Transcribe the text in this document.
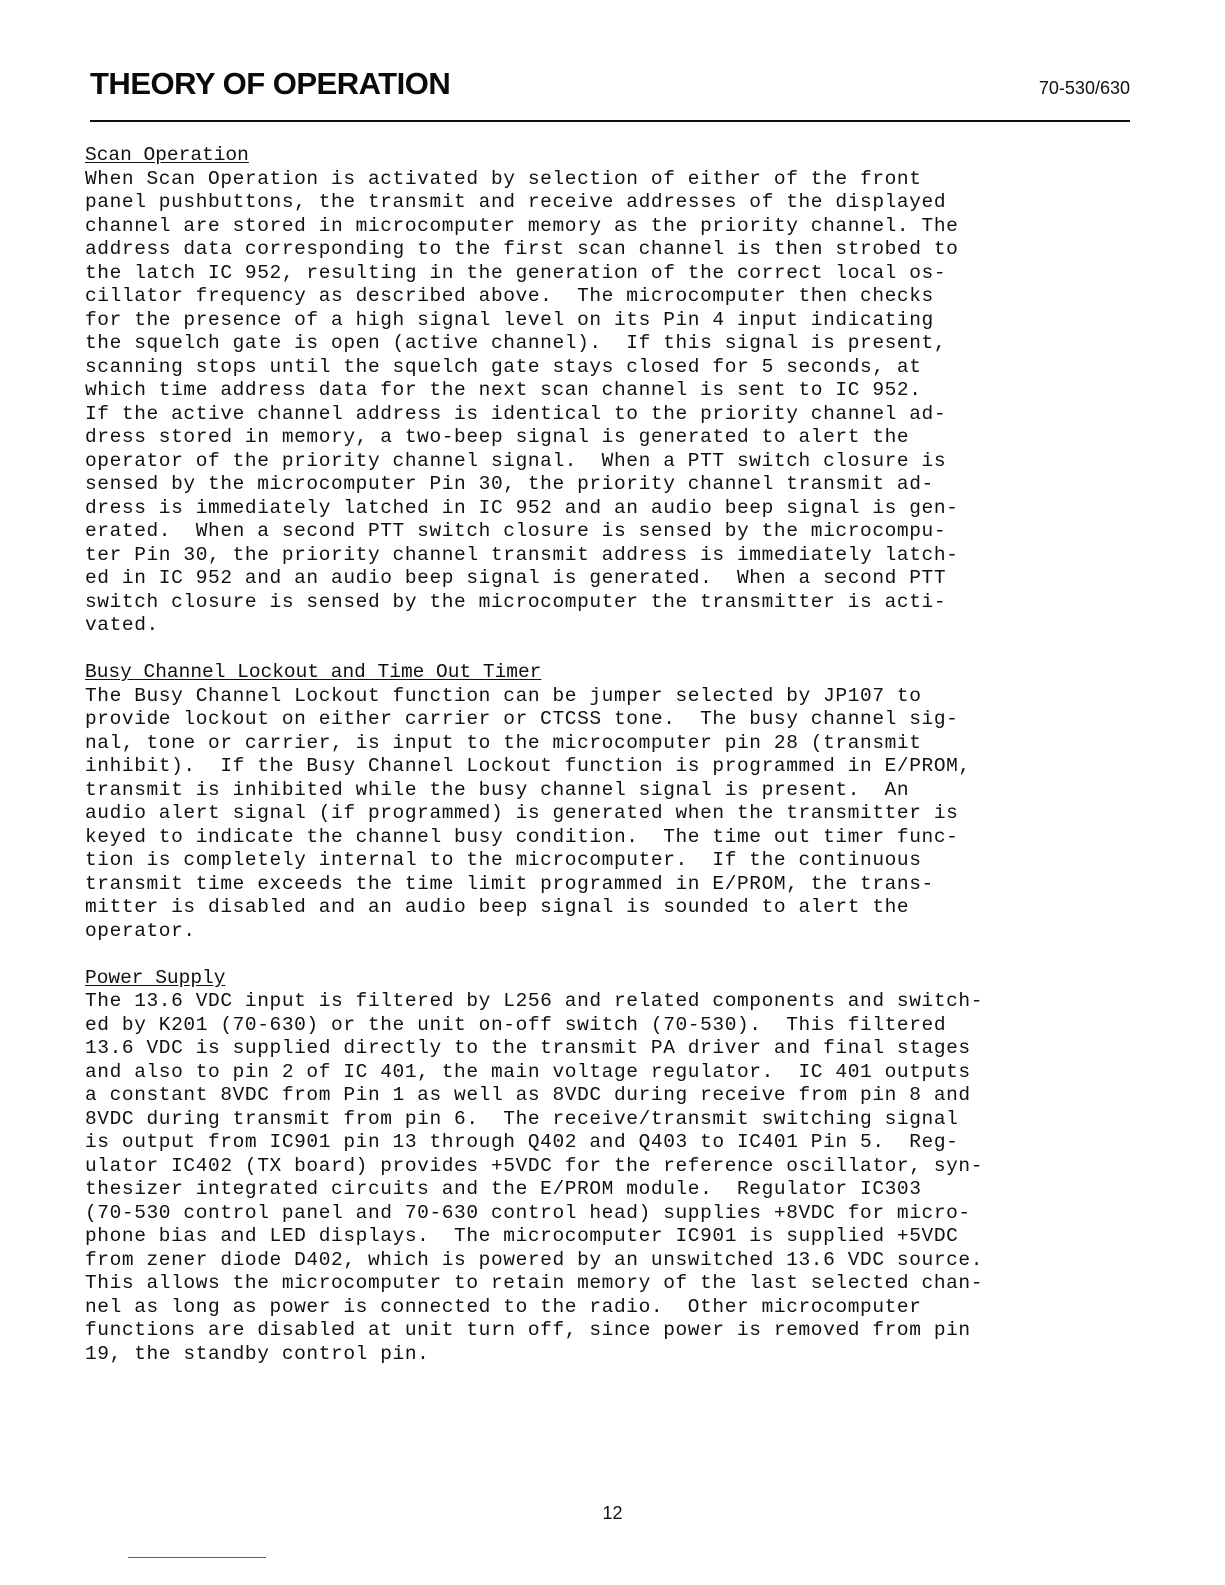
THEORY OF OPERATION	70-530/630
Scan Operation
When Scan Operation is activated by selection of either of the front
panel pushbuttons, the transmit and receive addresses of the displayed
channel are stored in microcomputer memory as the priority channel. The
address data corresponding to the first scan channel is then strobed to
the latch IC 952, resulting in the generation of the correct local os-
cillator frequency as described above.  The microcomputer then checks
for the presence of a high signal level on its Pin 4 input indicating
the squelch gate is open (active channel).  If this signal is present,
scanning stops until the squelch gate stays closed for 5 seconds, at
which time address data for the next scan channel is sent to IC 952.
If the active channel address is identical to the priority channel ad-
dress stored in memory, a two-beep signal is generated to alert the
operator of the priority channel signal.  When a PTT switch closure is
sensed by the microcomputer Pin 30, the priority channel transmit ad-
dress is immediately latched in IC 952 and an audio beep signal is gen-
erated.  When a second PTT switch closure is sensed by the microcompu-
ter Pin 30, the priority channel transmit address is immediately latch-
ed in IC 952 and an audio beep signal is generated.  When a second PTT
switch closure is sensed by the microcomputer the transmitter is acti-
vated.
Busy Channel Lockout and Time Out Timer
The Busy Channel Lockout function can be jumper selected by JP107 to
provide lockout on either carrier or CTCSS tone.  The busy channel sig-
nal, tone or carrier, is input to the microcomputer pin 28 (transmit
inhibit).  If the Busy Channel Lockout function is programmed in E/PROM,
transmit is inhibited while the busy channel signal is present.  An
audio alert signal (if programmed) is generated when the transmitter is
keyed to indicate the channel busy condition.  The time out timer func-
tion is completely internal to the microcomputer.  If the continuous
transmit time exceeds the time limit programmed in E/PROM, the trans-
mitter is disabled and an audio beep signal is sounded to alert the
operator.
Power Supply
The 13.6 VDC input is filtered by L256 and related components and switch-
ed by K201 (70-630) or the unit on-off switch (70-530).  This filtered
13.6 VDC is supplied directly to the transmit PA driver and final stages
and also to pin 2 of IC 401, the main voltage regulator.  IC 401 outputs
a constant 8VDC from Pin 1 as well as 8VDC during receive from pin 8 and
8VDC during transmit from pin 6.  The receive/transmit switching signal
is output from IC901 pin 13 through Q402 and Q403 to IC401 Pin 5.  Reg-
ulator IC402 (TX board) provides +5VDC for the reference oscillator, syn-
thesizer integrated circuits and the E/PROM module.  Regulator IC303
(70-530 control panel and 70-630 control head) supplies +8VDC for micro-
phone bias and LED displays.  The microcomputer IC901 is supplied +5VDC
from zener diode D402, which is powered by an unswitched 13.6 VDC source.
This allows the microcomputer to retain memory of the last selected chan-
nel as long as power is connected to the radio.  Other microcomputer
functions are disabled at unit turn off, since power is removed from pin
19, the standby control pin.
12
